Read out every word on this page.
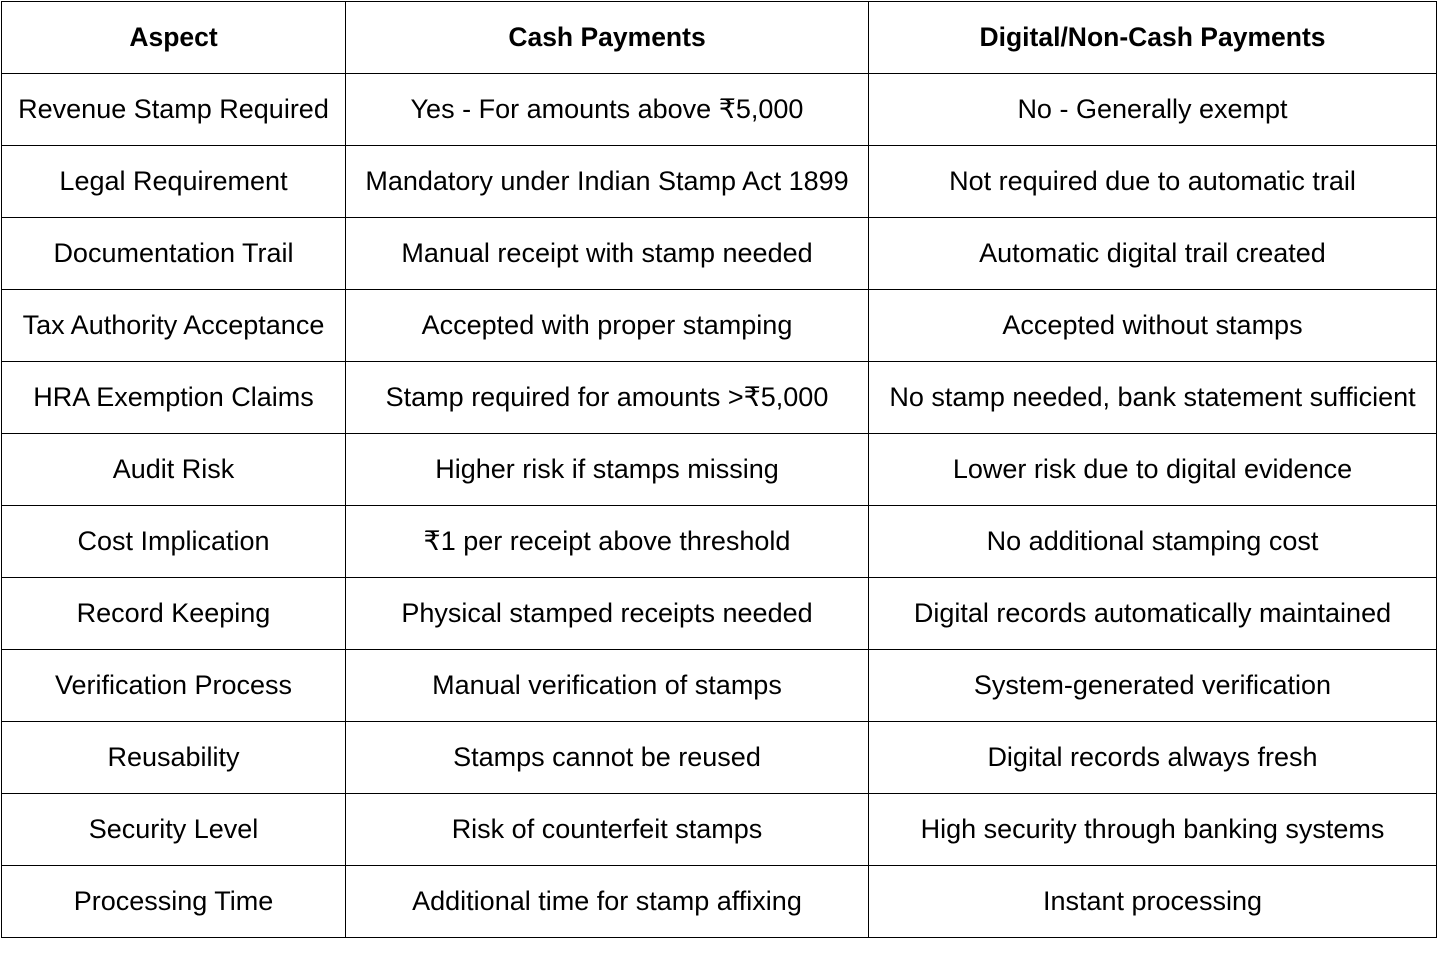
Aspect	Cash Payments	Digital/Non-Cash Payments
Revenue Stamp Required	Yes - For amounts above ₹5,000	No - Generally exempt
Legal Requirement	Mandatory under Indian Stamp Act 1899	Not required due to automatic trail
Documentation Trail	Manual receipt with stamp needed	Automatic digital trail created
Tax Authority Acceptance	Accepted with proper stamping	Accepted without stamps
HRA Exemption Claims	Stamp required for amounts >₹5,000	No stamp needed, bank statement sufficient
Audit Risk	Higher risk if stamps missing	Lower risk due to digital evidence
Cost Implication	₹1 per receipt above threshold	No additional stamping cost
Record Keeping	Physical stamped receipts needed	Digital records automatically maintained
Verification Process	Manual verification of stamps	System-generated verification
Reusability	Stamps cannot be reused	Digital records always fresh
Security Level	Risk of counterfeit stamps	High security through banking systems
Processing Time	Additional time for stamp affixing	Instant processing
